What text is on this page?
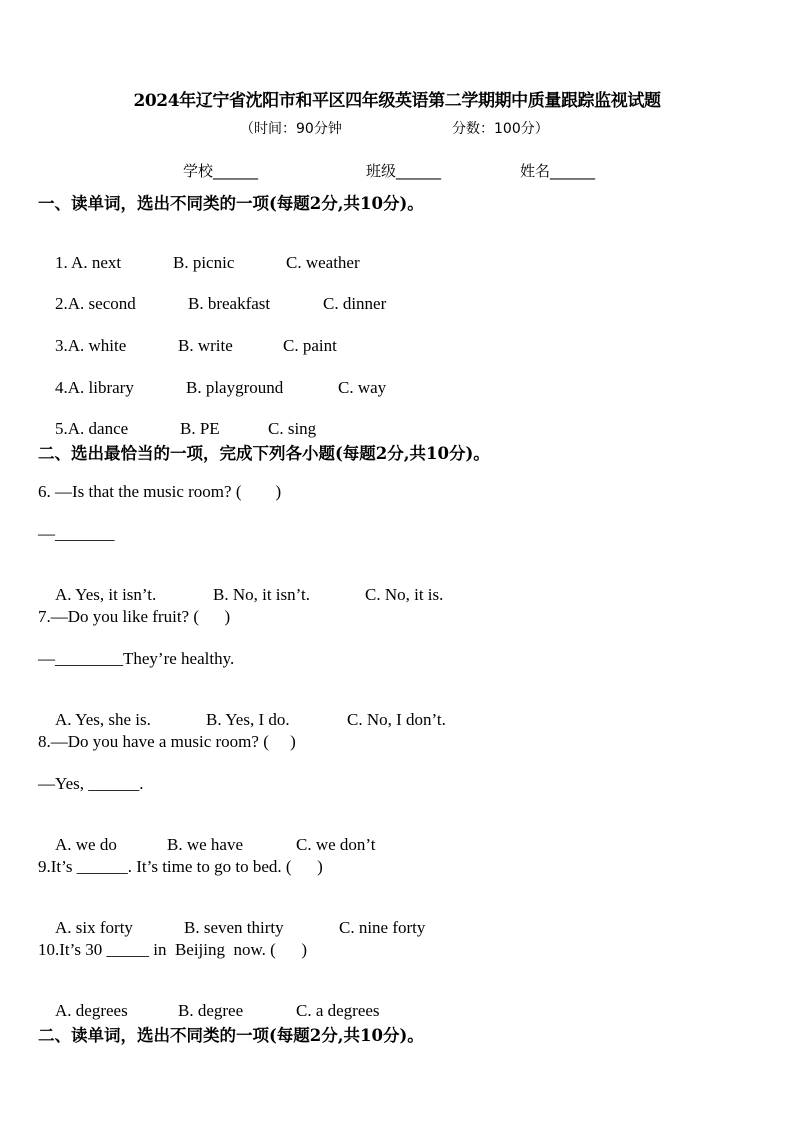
2024年辽宁省沈阳市和平区四年级英语第二学期期中质量跟踪监视试题
（时间：90分钟	分数：100分）
学校______	班级______	姓名______
一、读单词，选出不同类的一项(每题2分,共10分)。

1. A. next	B. picnic	C. weather

2.A. second	B. breakfast	C. dinner

3.A. white	B. write	C. paint

4.A. library	B. playground	C. way

5.A. dance	B. PE	C. sing

二、选出最恰当的一项，完成下列各小题(每题2分,共10分)。
6. —Is that the music room? (        )
—_______

A. Yes, it isn’t.	B. No, it isn’t.	C. No, it is.

7.—Do you like fruit? (      )
—________They’re healthy.

A. Yes, she is.	B. Yes, I do.	C. No, I don’t.

8.—Do you have a music room? (     )
—Yes, ______.

A. we do	B. we have	C. we don’t

9.It’s ______. It’s time to go to bed. (      )

A. six forty	B. seven thirty	C. nine forty

10.It’s 30 _____ in  Beijing  now. (      )

A. degrees	B. degree	C. a degrees

二、读单词，选出不同类的一项(每题2分,共10分)。
